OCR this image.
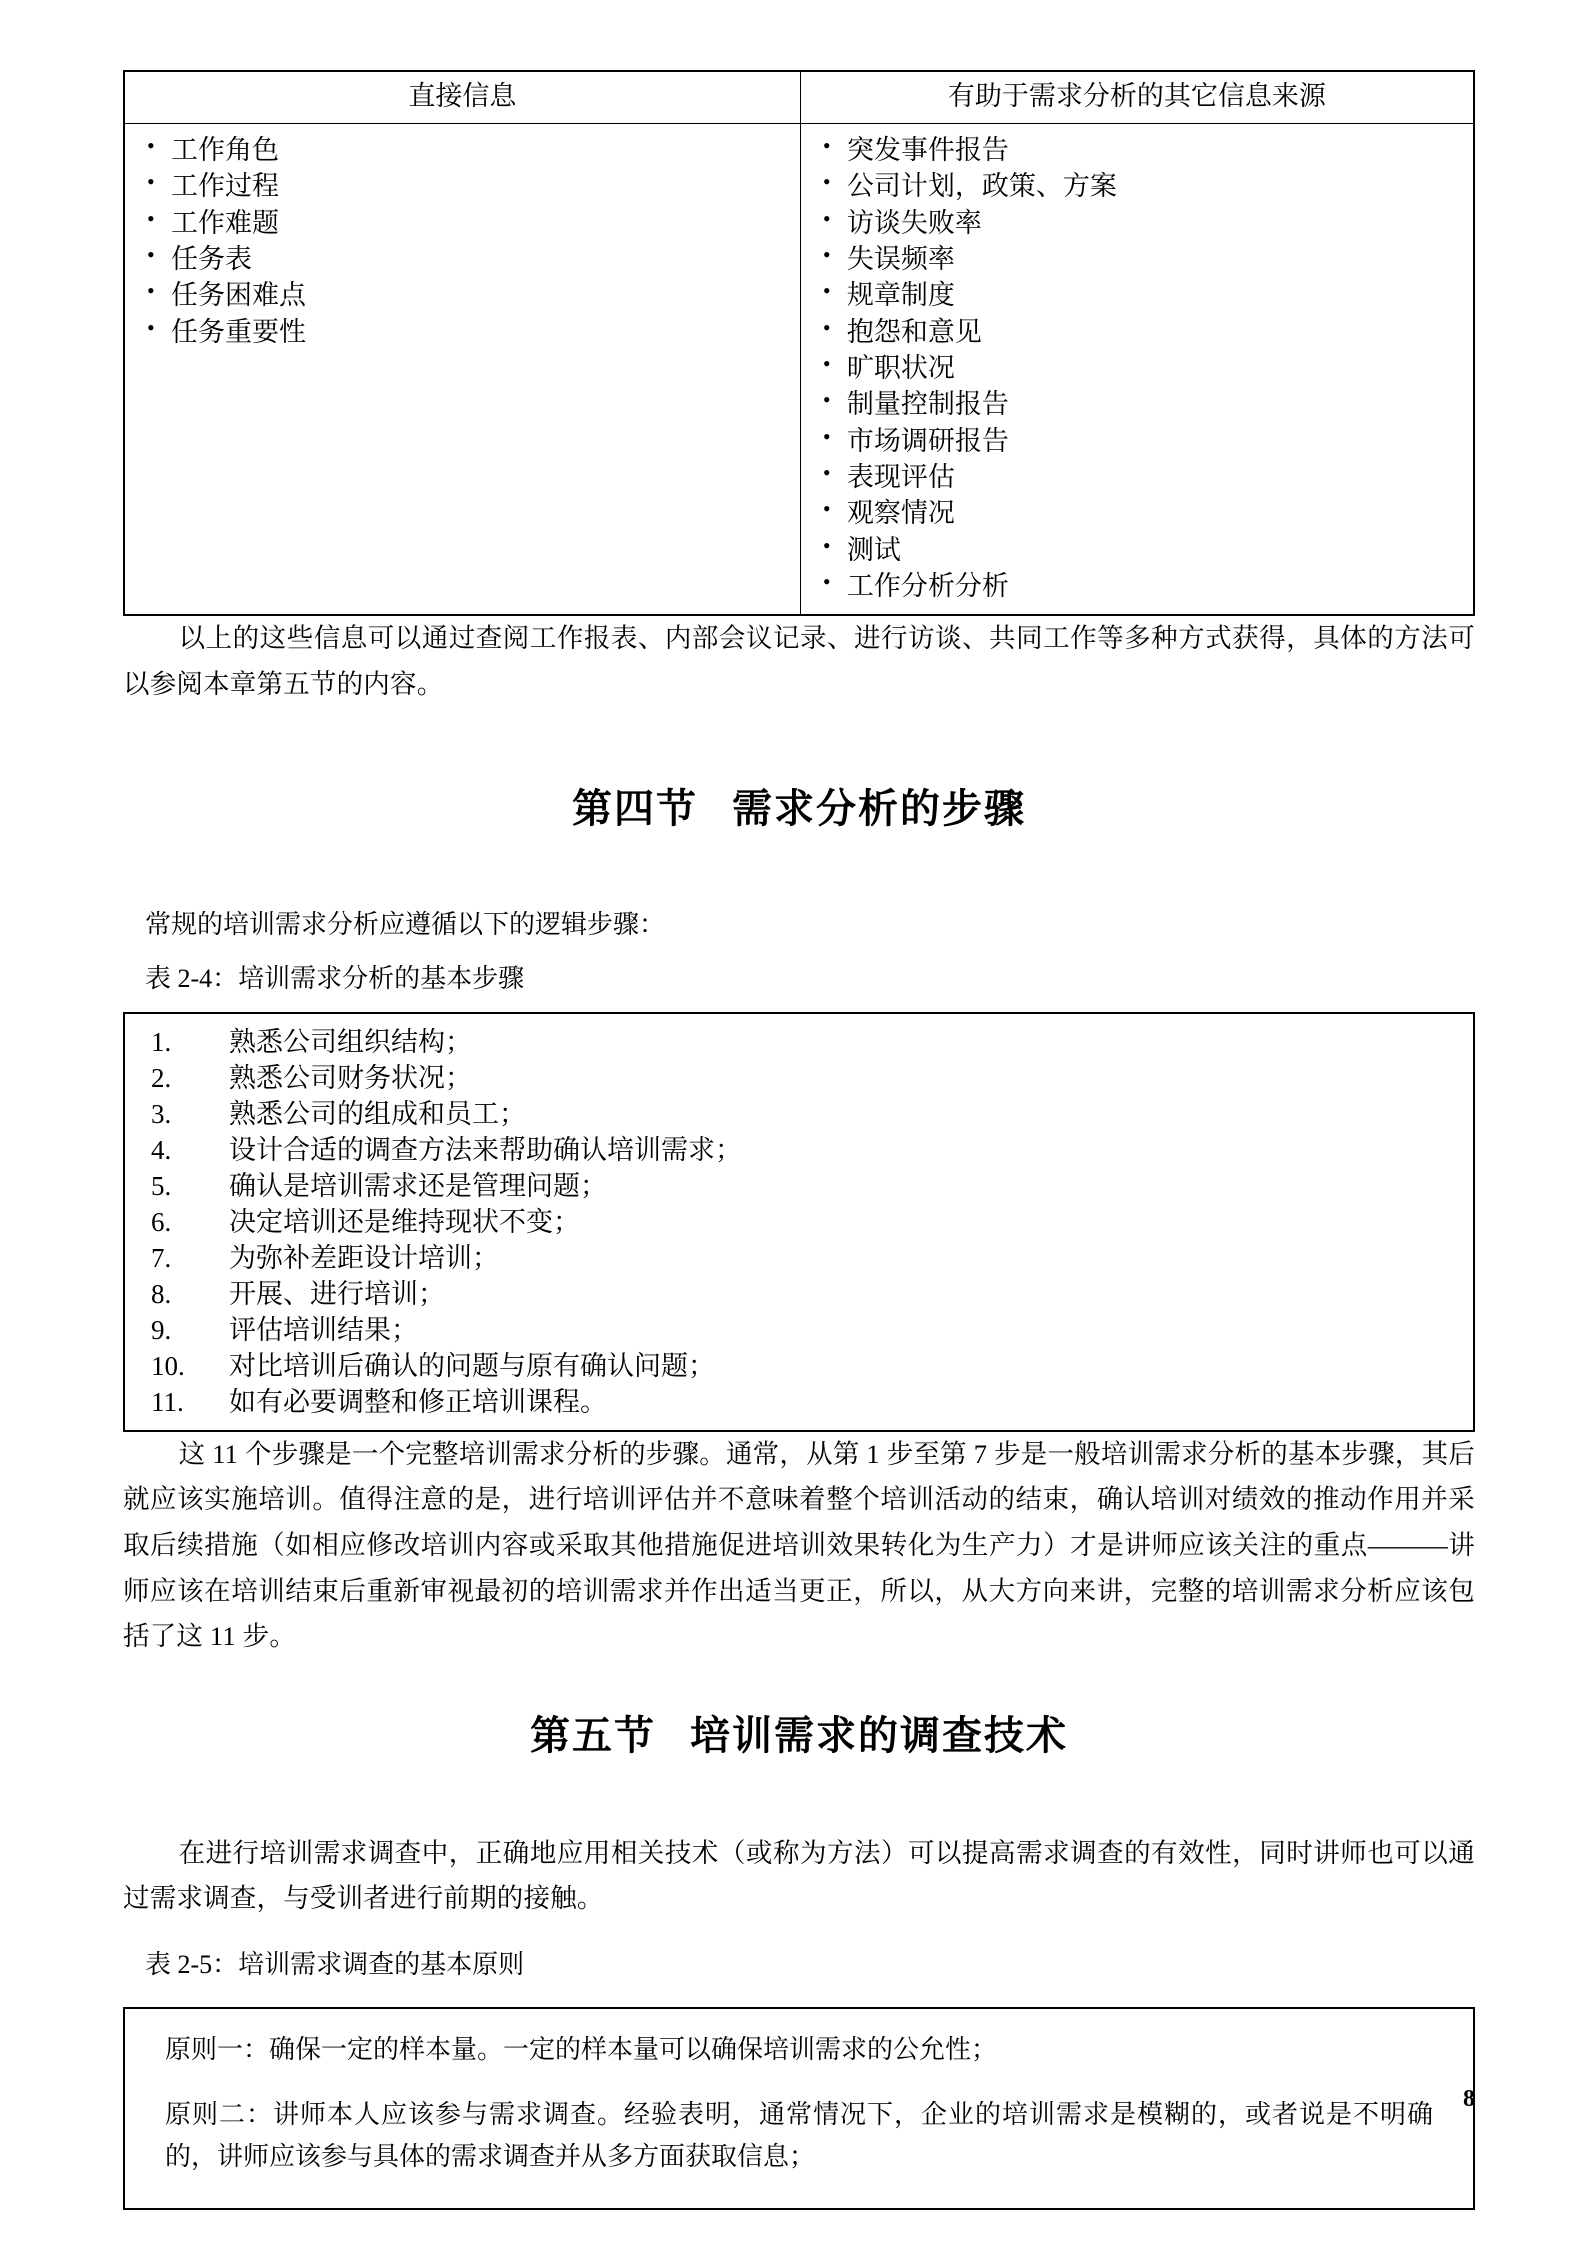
直接信息	有助于需求分析的其它信息来源

• 工作角色
• 工作过程
• 工作难题
• 任务表
• 任务困难点
• 任务重要性

• 突发事件报告
• 公司计划，政策、方案
• 访谈失败率
• 失误频率
• 规章制度
• 抱怨和意见
• 旷职状况
• 制量控制报告
• 市场调研报告
• 表现评估
• 观察情况
• 测试
• 工作分析分析

以上的这些信息可以通过查阅工作报表、内部会议记录、进行访谈、共同工作等多种方式获得，具体的方法可以参阅本章第五节的内容。

第四节 需求分析的步骤

常规的培训需求分析应遵循以下的逻辑步骤：

表 2-4：培训需求分析的基本步骤

1.	熟悉公司组织结构；
2.	熟悉公司财务状况；
3.	熟悉公司的组成和员工；
4.	设计合适的调查方法来帮助确认培训需求；
5.	确认是培训需求还是管理问题；
6.	决定培训还是维持现状不变；
7.	为弥补差距设计培训；
8.	开展、进行培训；
9.	评估培训结果；
10.	对比培训后确认的问题与原有确认问题；
11.	如有必要调整和修正培训课程。

这 11 个步骤是一个完整培训需求分析的步骤。通常，从第 1 步至第 7 步是一般培训需求分析的基本步骤，其后就应该实施培训。值得注意的是，进行培训评估并不意味着整个培训活动的结束，确认培训对绩效的推动作用并采取后续措施（如相应修改培训内容或采取其他措施促进培训效果转化为生产力）才是讲师应该关注的重点———讲师应该在培训结束后重新审视最初的培训需求并作出适当更正，所以，从大方向来讲，完整的培训需求分析应该包括了这 11 步。

第五节 培训需求的调查技术

在进行培训需求调查中，正确地应用相关技术（或称为方法）可以提高需求调查的有效性，同时讲师也可以通过需求调查，与受训者进行前期的接触。

表 2-5：培训需求调查的基本原则

原则一：确保一定的样本量。一定的样本量可以确保培训需求的公允性；

原则二：讲师本人应该参与需求调查。经验表明，通常情况下，企业的培训需求是模糊的，或者说是不明确的，讲师应该参与具体的需求调查并从多方面获取信息；

8
